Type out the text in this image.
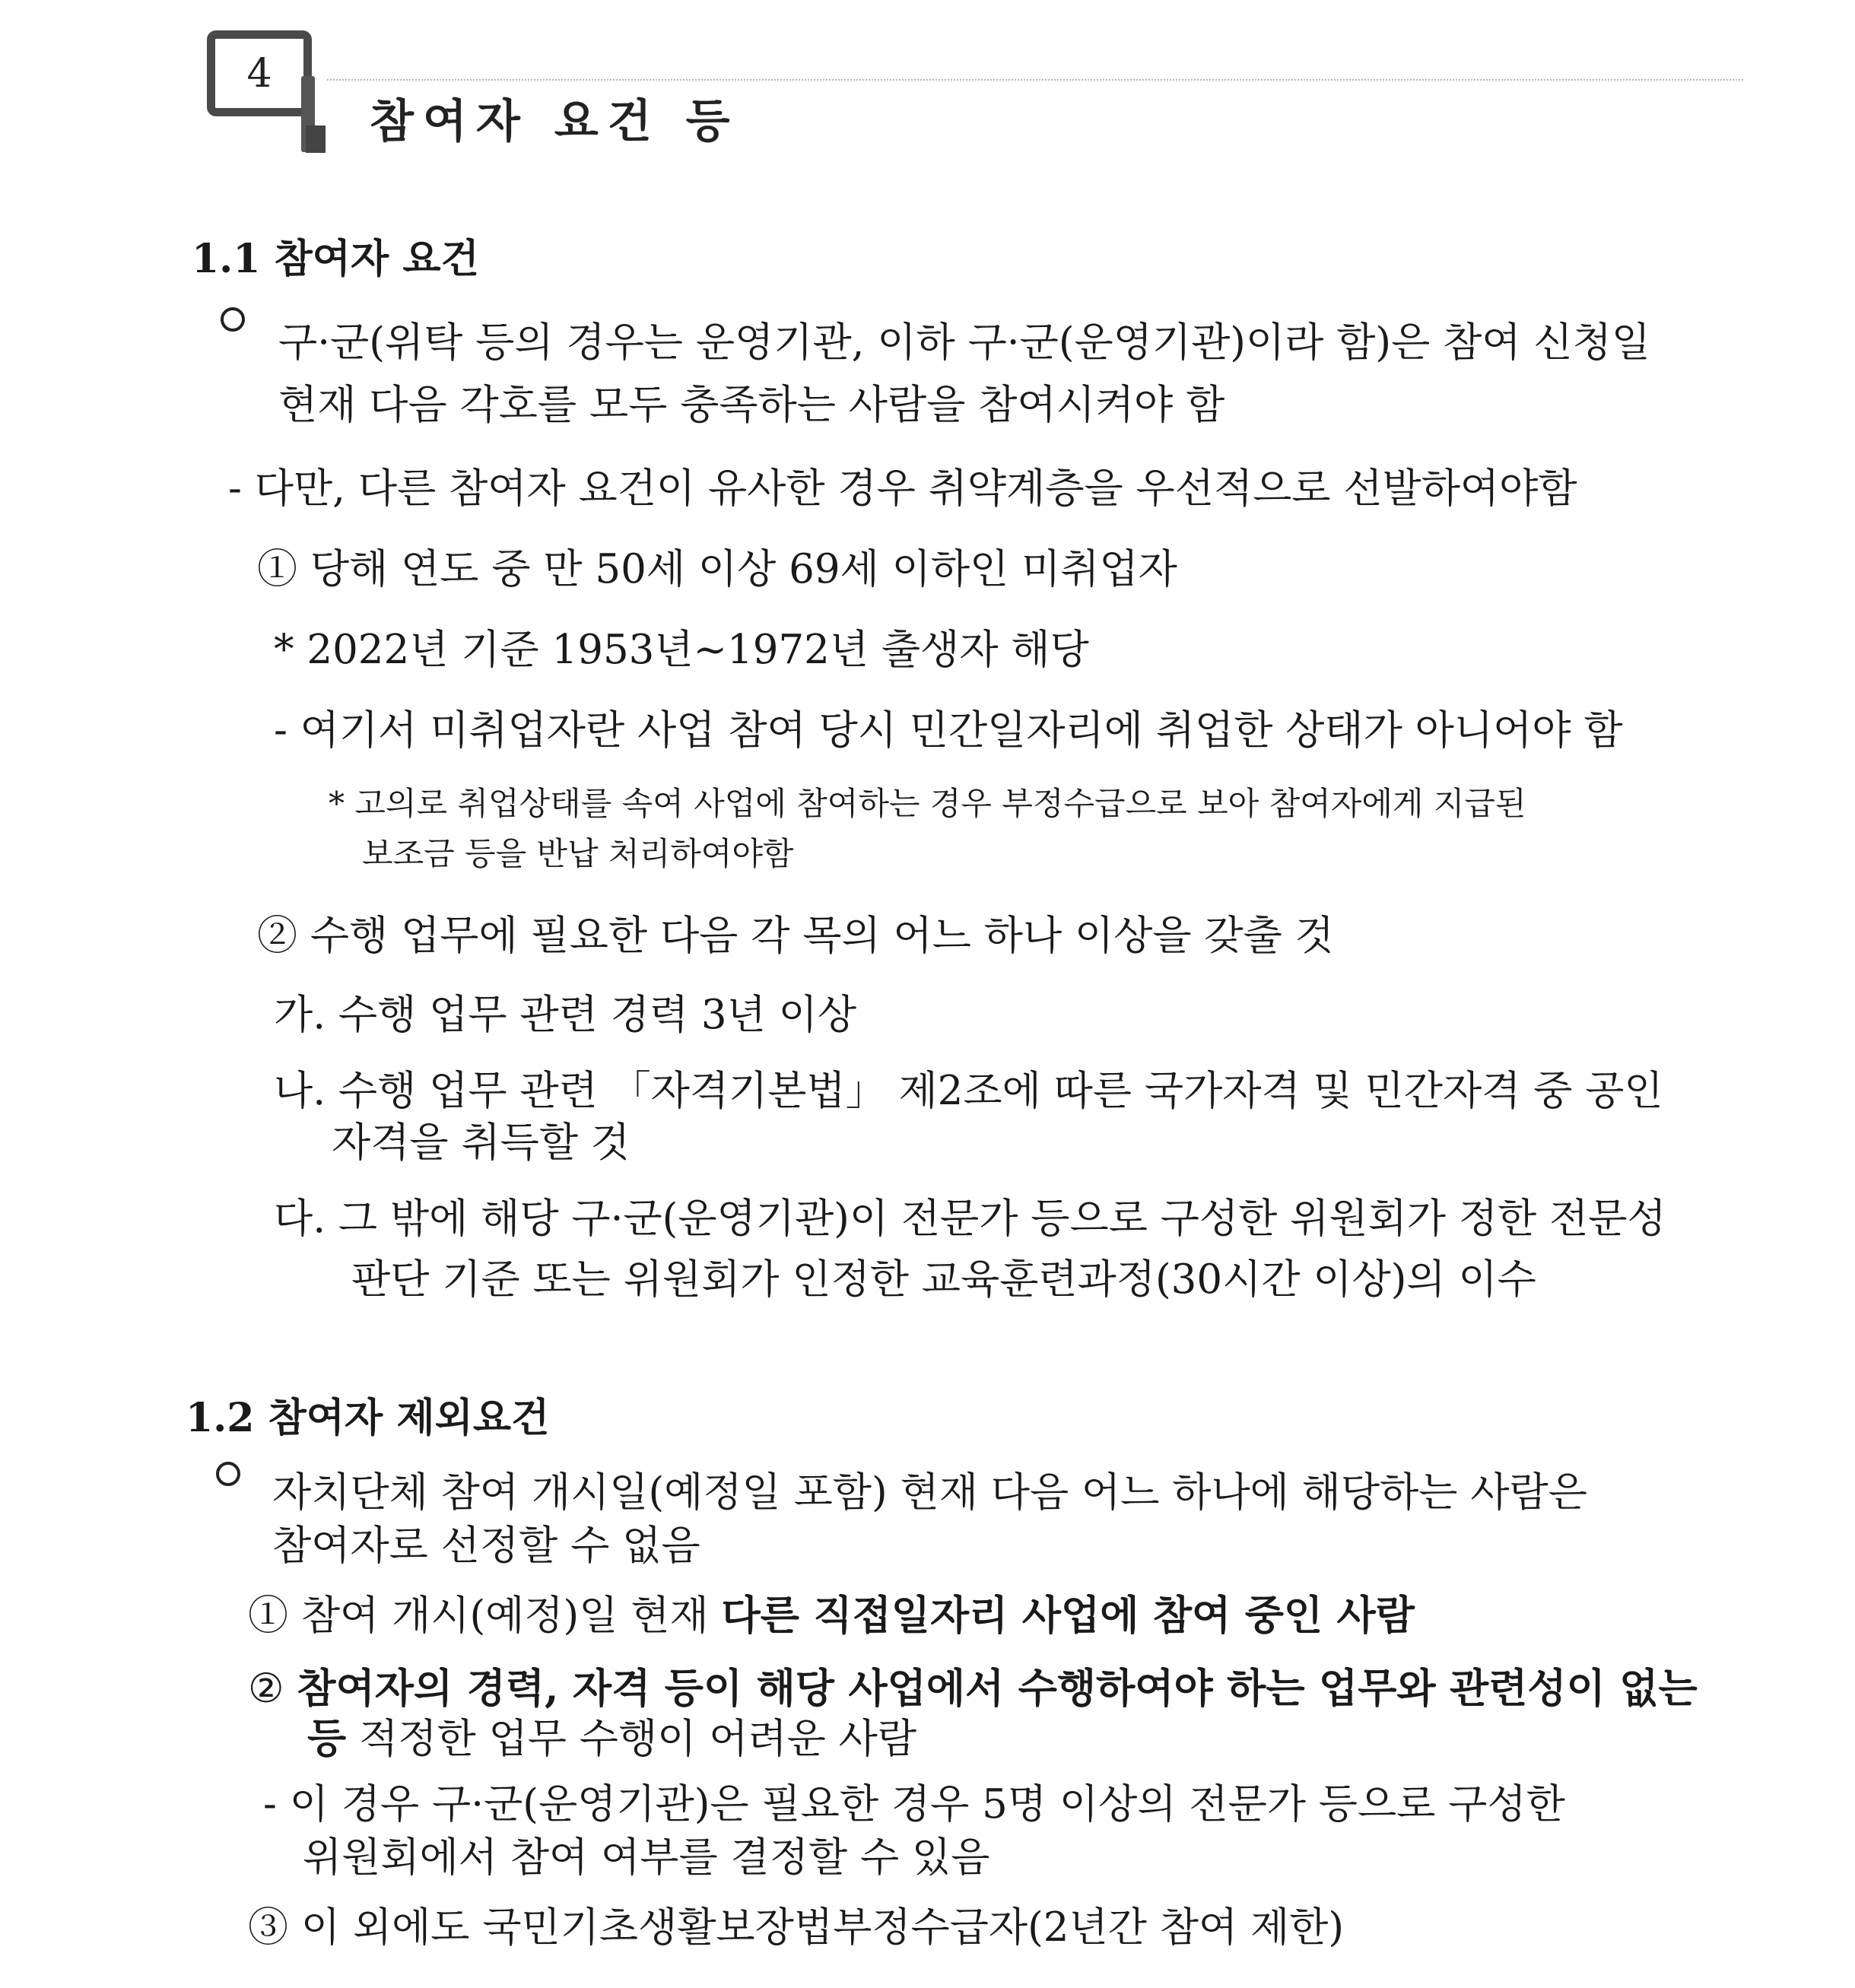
4
참여자 요건 등
1.1 참여자 요건
구·군(위탁 등의 경우는 운영기관, 이하 구·군(운영기관)이라 함)은 참여 신청일
현재 다음 각호를 모두 충족하는 사람을 참여시켜야 함
- 다만, 다른 참여자 요건이 유사한 경우 취약계층을 우선적으로 선발하여야함
① 당해 연도 중 만 50세 이상 69세 이하인 미취업자
* 2022년 기준 1953년~1972년 출생자 해당
- 여기서 미취업자란 사업 참여 당시 민간일자리에 취업한 상태가 아니어야 함
* 고의로 취업상태를 속여 사업에 참여하는 경우 부정수급으로 보아 참여자에게 지급된
보조금 등을 반납 처리하여야함
② 수행 업무에 필요한 다음 각 목의 어느 하나 이상을 갖출 것
가. 수행 업무 관련 경력 3년 이상
나. 수행 업무 관련 「자격기본법」 제2조에 따른 국가자격 및 민간자격 중 공인
자격을 취득할 것
다. 그 밖에 해당 구·군(운영기관)이 전문가 등으로 구성한 위원회가 정한 전문성
판단 기준 또는 위원회가 인정한 교육훈련과정(30시간 이상)의 이수
1.2 참여자 제외요건
자치단체 참여 개시일(예정일 포함) 현재 다음 어느 하나에 해당하는 사람은
참여자로 선정할 수 없음
① 참여 개시(예정)일 현재 다른 직접일자리 사업에 참여 중인 사람
② 참여자의 경력, 자격 등이 해당 사업에서 수행하여야 하는 업무와 관련성이 없는
등 적정한 업무 수행이 어려운 사람
- 이 경우 구·군(운영기관)은 필요한 경우 5명 이상의 전문가 등으로 구성한
위원회에서 참여 여부를 결정할 수 있음
③ 이 외에도 국민기초생활보장법부정수급자(2년간 참여 제한)
